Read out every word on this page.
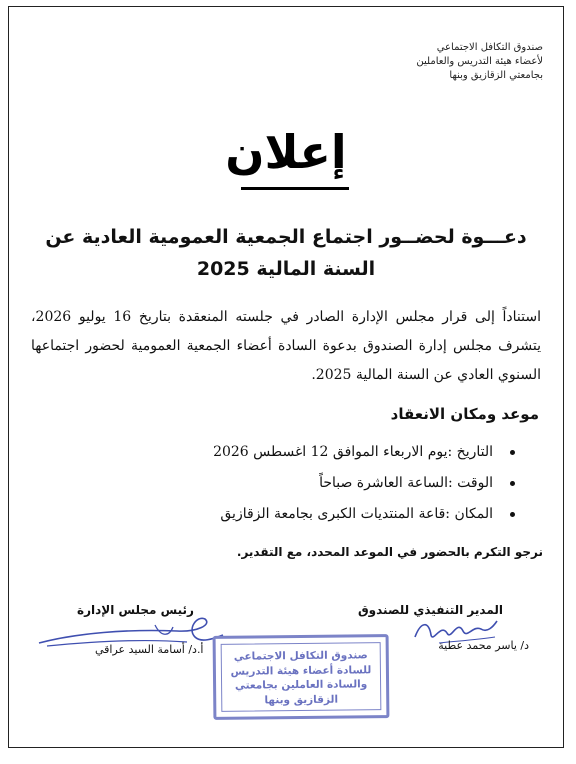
صندوق التكافل الاجتماعي
لأعضاء هيئة التدريس والعاملين
بجامعتي الزقازيق وبنها
إعلان
دعـــوة لحضــور اجتماع الجمعية العمومية العادية عن
السنة المالية 2025
استناداً إلى قرار مجلس الإدارة الصادر في جلسته المنعقدة بتاريخ 16 يوليو 2026، يتشرف مجلس إدارة الصندوق بدعوة السادة أعضاء الجمعية العمومية لحضور اجتماعها السنوي العادي عن السنة المالية 2025.
موعد ومكان الانعقاد
التاريخ :يوم الاربعاء الموافق 12 اغسطس 2026
الوقت :الساعة العاشرة صباحاً
المكان :قاعة المنتديات الكبرى بجامعة الزقازيق
نرجو التكرم بالحضور في الموعد المحدد، مع التقدير.
المدير التنفيذي للصندوق
رئيس مجلس الإدارة
د/ ياسر محمد عطية
أ.د/ أسامة السيد عراقي	صندوق التكافل الاجتماعي
للسادة أعضاء هيئة التدريس
والسادة العاملين بجامعتي
الزقازيق وبنها
